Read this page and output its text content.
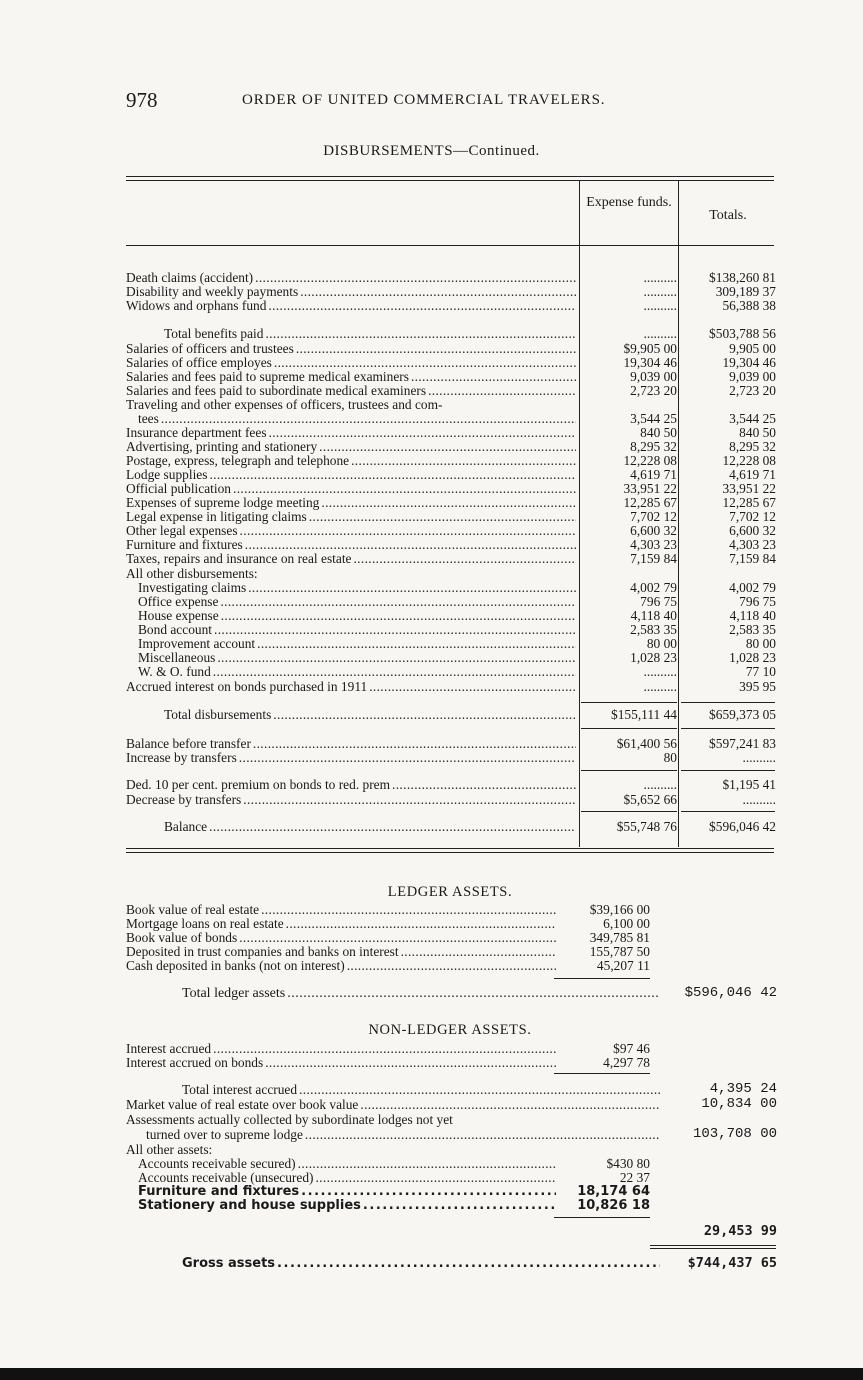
978	ORDER OF UNITED COMMERCIAL TRAVELERS.
DISBURSEMENTS—Continued.
Expense funds.
Totals.
Death claims (accident) . . .	..........	$138,260 81
Disability and weekly payments . . .	..........	309,189 37
Widows and orphans fund . . .	..........	56,388 38
Total benefits paid . . .	..........	$503,788 56
Salaries of officers and trustees . . .	$9,905 00	9,905 00
Salaries of office employes . . .	19,304 46	19,304 46
Salaries and fees paid to supreme medical examiners . . .	9,039 00	9,039 00
Salaries and fees paid to subordinate medical examiners . . .	2,723 20	2,723 20
Traveling and other expenses of officers, trustees and com-
tees . . .	3,544 25	3,544 25
Insurance department fees . . .	840 50	840 50
Advertising, printing and stationery . . .	8,295 32	8,295 32
Postage, express, telegraph and telephone . . .	12,228 08	12,228 08
Lodge supplies . . .	4,619 71	4,619 71
Official publication . . .	33,951 22	33,951 22
Expenses of supreme lodge meeting . . .	12,285 67	12,285 67
Legal expense in litigating claims . . .	7,702 12	7,702 12
Other legal expenses . . .	6,600 32	6,600 32
Furniture and fixtures . . .	4,303 23	4,303 23
Taxes, repairs and insurance on real estate . . .	7,159 84	7,159 84
All other disbursements:
Investigating claims . . .	4,002 79	4,002 79
Office expense . . .	796 75	796 75
House expense . . .	4,118 40	4,118 40
Bond account . . .	2,583 35	2,583 35
Improvement account . . .	80 00	80 00
Miscellaneous . . .	1,028 23	1,028 23
W. & O. fund . . .	..........	77 10
Accrued interest on bonds purchased in 1911 . . .	..........	395 95
Total disbursements . . .	$155,111 44	$659,373 05
Balance before transfer . . .	$61,400 56	$597,241 83
Increase by transfers . . .	80	..........
Ded. 10 per cent. premium on bonds to red. prem . . .	..........	$1,195 41
Decrease by transfers . . .	$5,652 66	..........
Balance . . .	$55,748 76	$596,046 42
LEDGER ASSETS.
Book value of real estate . . .	$39,166 00
Mortgage loans on real estate . . .	6,100 00
Book value of bonds . . .	349,785 81
Deposited in trust companies and banks on interest . . .	155,787 50
Cash deposited in banks (not on interest) . . .	45,207 11
Total ledger assets . . .	$596,046 42
NON-LEDGER ASSETS.
Interest accrued . . .	$97 46
Interest accrued on bonds . . .	4,297 78
Total interest accrued . . .	4,395 24
Market value of real estate over book value . . .	10,834 00
Assessments actually collected by subordinate lodges not yet
turned over to supreme lodge . . .	103,708 00
All other assets:
Accounts receivable secured) . . .	$430 80
Accounts receivable (unsecured) . . .	22 37
Furniture and fixtures . . .	18,174 64
Stationery and house supplies . . .	10,826 18
29,453 99
Gross assets . . .	$744,437 65
